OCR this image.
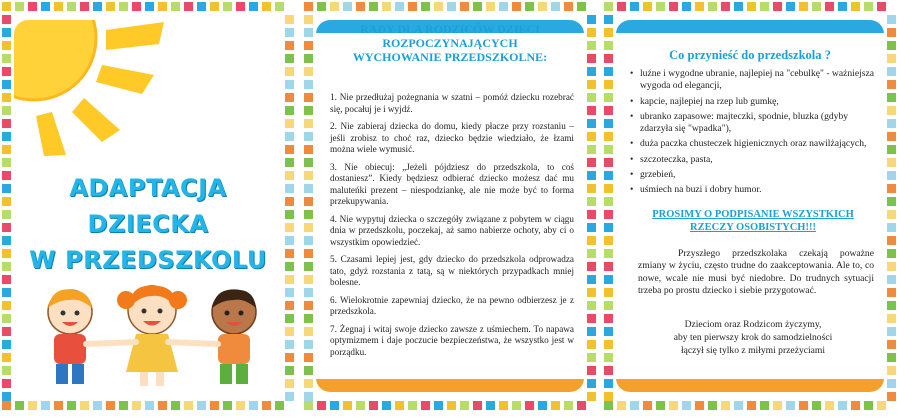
ADAPTACJA
DZIECKA
W PRZEDSZKOLU
RADY DLA RODZICÓW DZIECI
ROZPOCZYNAJĄCYCH
WYCHOWANIE PRZEDSZKOLNE:

1. Nie przedłużaj pożegnania w szatni – pomóż dziecku rozebrać się, pocałuj je i wyjdź.

2. Nie zabieraj dziecka do domu, kiedy płacze przy rozstaniu – jeśli zrobisz to choć raz, dziecko będzie wiedziało, że łzami można wiele wymusić.

3. Nie obiecuj: „Jeżeli pójdziesz do przedszkola, to coś dostaniesz”. Kiedy będziesz odbierać dziecko możesz dać mu maluteńki prezent – niespodziankę, ale nie może być to forma przekupywania.

4. Nie wypytuj dziecka o szczegóły związane z pobytem w ciągu dnia w przedszkolu, poczekaj, aż samo nabierze ochoty, aby ci o wszystkim opowiedzieć.

5. Czasami lepiej jest, gdy dziecko do przedszkola odprowadza tato, gdyż rozstania z tatą, są w niektórych przypadkach mniej bolesne.

6. Wielokrotnie zapewniaj dziecko, że na pewno odbierzesz je z przedszkola.

7. Żegnaj i witaj swoje dziecko zawsze z uśmiechem. To napawa optymizmem i daje poczucie bezpieczeństwa, że wszystko jest w porządku.

Co przynieść do przedszkola ?
• luźne i wygodne ubranie, najlepiej na "cebulkę" - ważniejsza wygoda od elegancji,
• kapcie, najlepiej na rzep lub gumkę,
• ubranko zapasowe: majteczki, spodnie, bluzka (gdyby zdarzyła się "wpadka"),
• duża paczka chusteczek higienicznych oraz nawilżających,
• szczoteczka, pasta,
• grzebień,
• uśmiech na buzi i dobry humor.
PROSIMY O PODPISANIE WSZYSTKICH
RZECZY OSOBISTYCH!!!
Przyszłego przedszkolaka czekają poważne zmiany w życiu, często trudne do zaakceptowania. Ale to, co nowe, wcale nie musi być niedobre. Do trudnych sytuacji trzeba po prostu dziecko i siebie przygotować.
Dzieciom oraz Rodzicom życzymy,
aby ten pierwszy krok do samodzielności
łączył się tylko z miłymi przeżyciami
